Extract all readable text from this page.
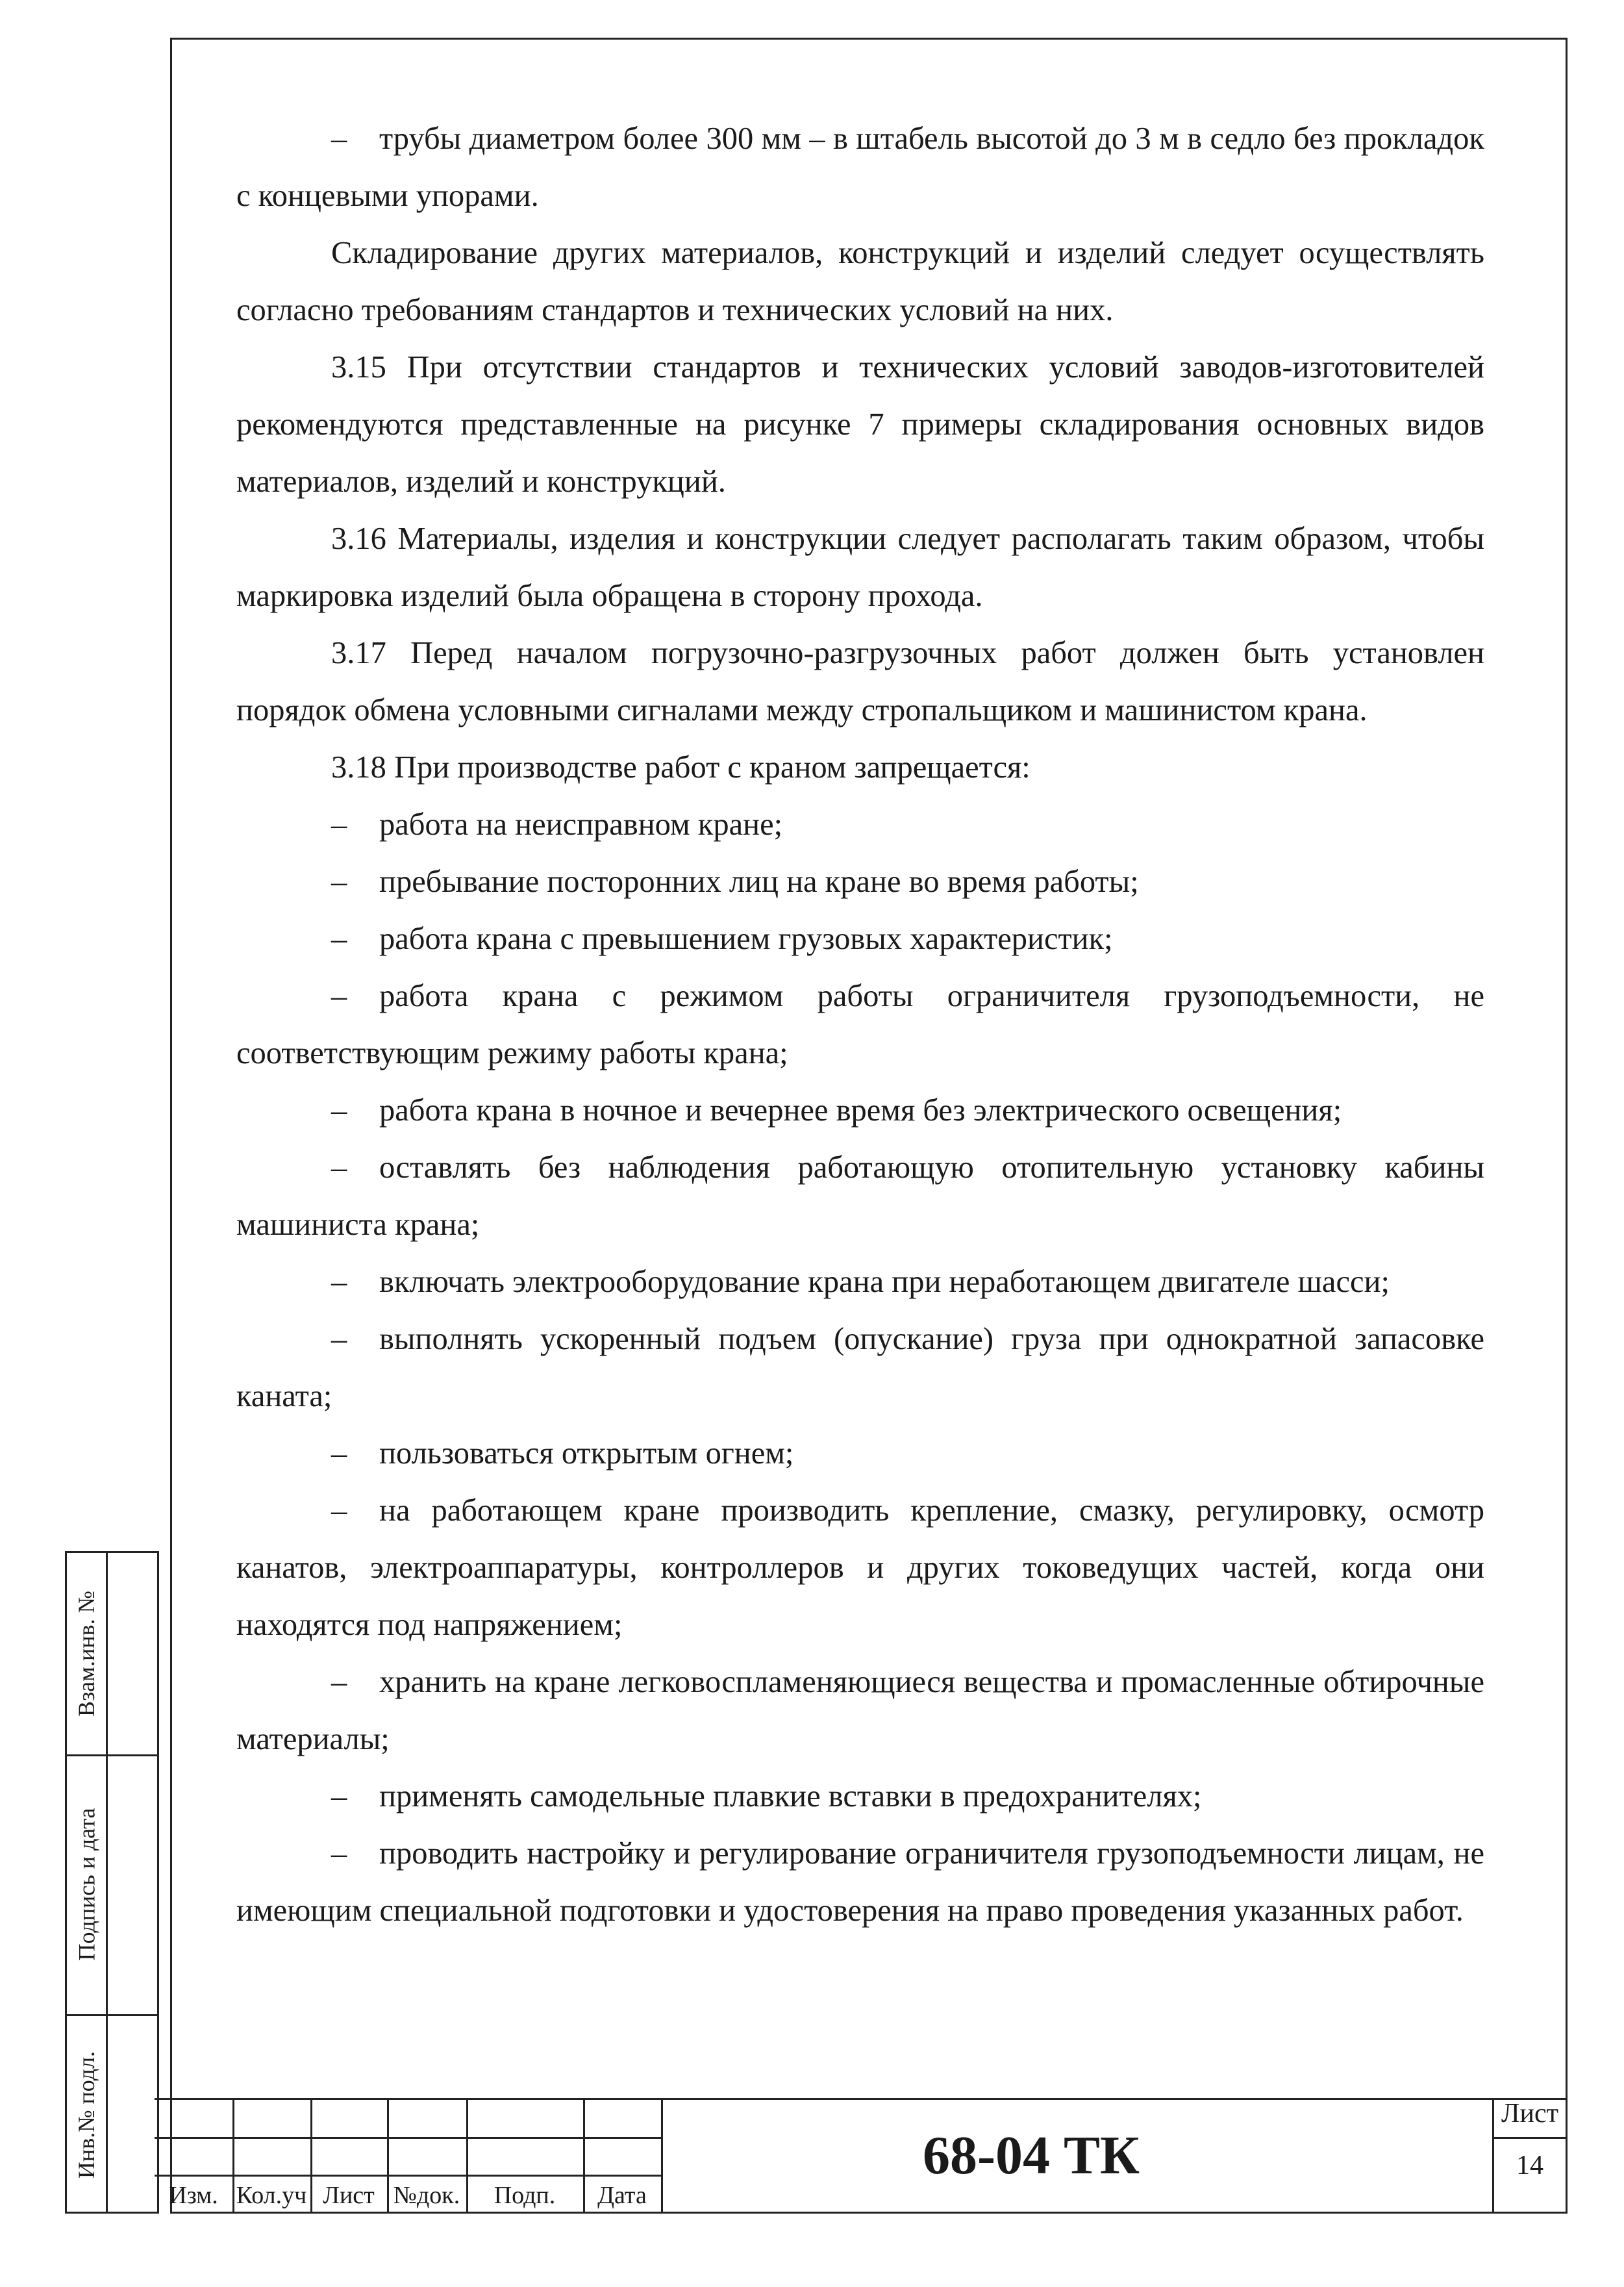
– трубы диаметром более 300 мм – в штабель высотой до 3 м в седло без прокладок с концевыми упорами.

Складирование других материалов, конструкций и изделий следует осуществлять согласно требованиям стандартов и технических условий на них.

3.15 При отсутствии стандартов и технических условий заводов-изготовителей рекомендуются представленные на рисунке 7 примеры складирования основных видов материалов, изделий и конструкций.

3.16 Материалы, изделия и конструкции следует располагать таким образом, чтобы маркировка изделий была обращена в сторону прохода.

3.17 Перед началом погрузочно-разгрузочных работ должен быть установлен порядок обмена условными сигналами между стропальщиком и машинистом крана.

3.18 При производстве работ с краном запрещается:

– работа на неисправном кране;

– пребывание посторонних лиц на кране во время работы;

– работа крана с превышением грузовых характеристик;

– работа крана с режимом работы ограничителя грузоподъемности, не соответствующим режиму работы крана;

– работа крана в ночное и вечернее время без электрического освещения;

– оставлять без наблюдения работающую отопительную установку кабины машиниста крана;

– включать электрооборудование крана при неработающем двигателе шасси;

– выполнять ускоренный подъем (опускание) груза при однократной запасовке каната;

– пользоваться открытым огнем;

– на работающем кране производить крепление, смазку, регулировку, осмотр канатов, электроаппаратуры, контроллеров и других токоведущих частей, когда они находятся под напряжением;

– хранить на кране легковоспламеняющиеся вещества и промасленные обтирочные материалы;

– применять самодельные плавкие вставки в предохранителях;

– проводить настройку и регулирование ограничителя грузоподъемности лицам, не имеющим специальной подготовки и удостоверения на право проведения указанных работ.

Взам.инв. №
Подпись и дата
Инв.№ подл.
Изм. Кол.уч Лист №док.	Подп.	Дата
68-04 ТК
Лист
14
